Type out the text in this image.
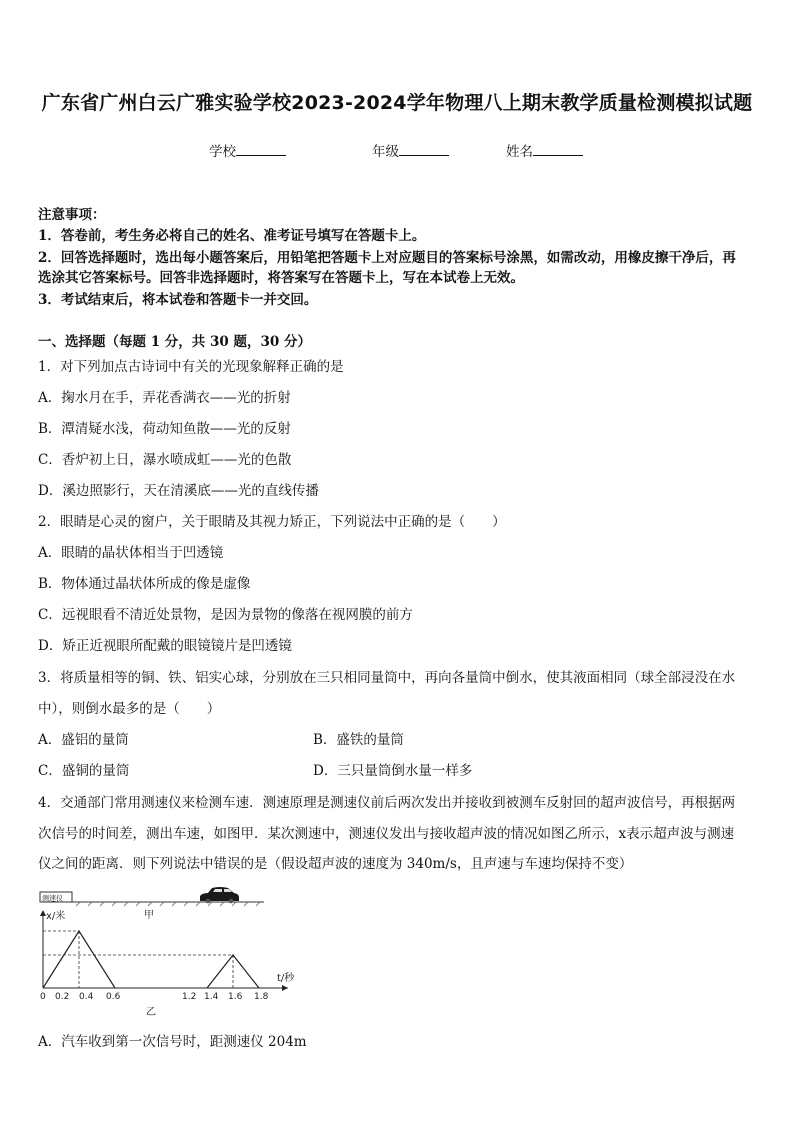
广东省广州白云广雅实验学校2023-2024学年物理八上期末教学质量检测模拟试题
学校	年级	姓名
注意事项：
1．答卷前，考生务必将自己的姓名、准考证号填写在答题卡上。
2．回答选择题时，选出每小题答案后，用铅笔把答题卡上对应题目的答案标号涂黑，如需改动，用橡皮擦干净后，再
选涂其它答案标号。回答非选择题时，将答案写在答题卡上，写在本试卷上无效。
3．考试结束后，将本试卷和答题卡一并交回。
一、选择题（每题 1 分，共 30 题，30 分）
1．对下列加点古诗词中有关的光现象解释正确的是
A．掬水月在手，弄花香满衣——光的折射
B．潭清疑水浅，荷动知鱼散——光的反射
C．香炉初上日，瀑水喷成虹——光的色散
D．溪边照影行，天在清溪底——光的直线传播
2．眼睛是心灵的窗户，关于眼睛及其视力矫正，下列说法中正确的是（　　）
A．眼睛的晶状体相当于凹透镜
B．物体通过晶状体所成的像是虚像
C．远视眼看不清近处景物，是因为景物的像落在视网膜的前方
D．矫正近视眼所配戴的眼镜镜片是凹透镜
3．将质量相等的铜、铁、铝实心球，分别放在三只相同量筒中，再向各量筒中倒水，使其液面相同（球全部浸没在水
中），则倒水最多的是（　　）
A．盛铝的量筒	B．盛铁的量筒
C．盛铜的量筒	D．三只量筒倒水量一样多
4．交通部门常用测速仪来检测车速．测速原理是测速仪前后两次发出并接收到被测车反射回的超声波信号，再根据两
次信号的时间差，测出车速，如图甲．某次测速中，测速仪发出与接收超声波的情况如图乙所示，x表示超声波与测速
仪之间的距离．则下列说法中错误的是（假设超声波的速度为 340m/s，且声速与车速均保持不变）
测速仪
甲
x/米
t/秒
0 0.2 0.4 0.6	1.2 1.4 1.6 1.8
乙
A．汽车收到第一次信号时，距测速仪 204m
